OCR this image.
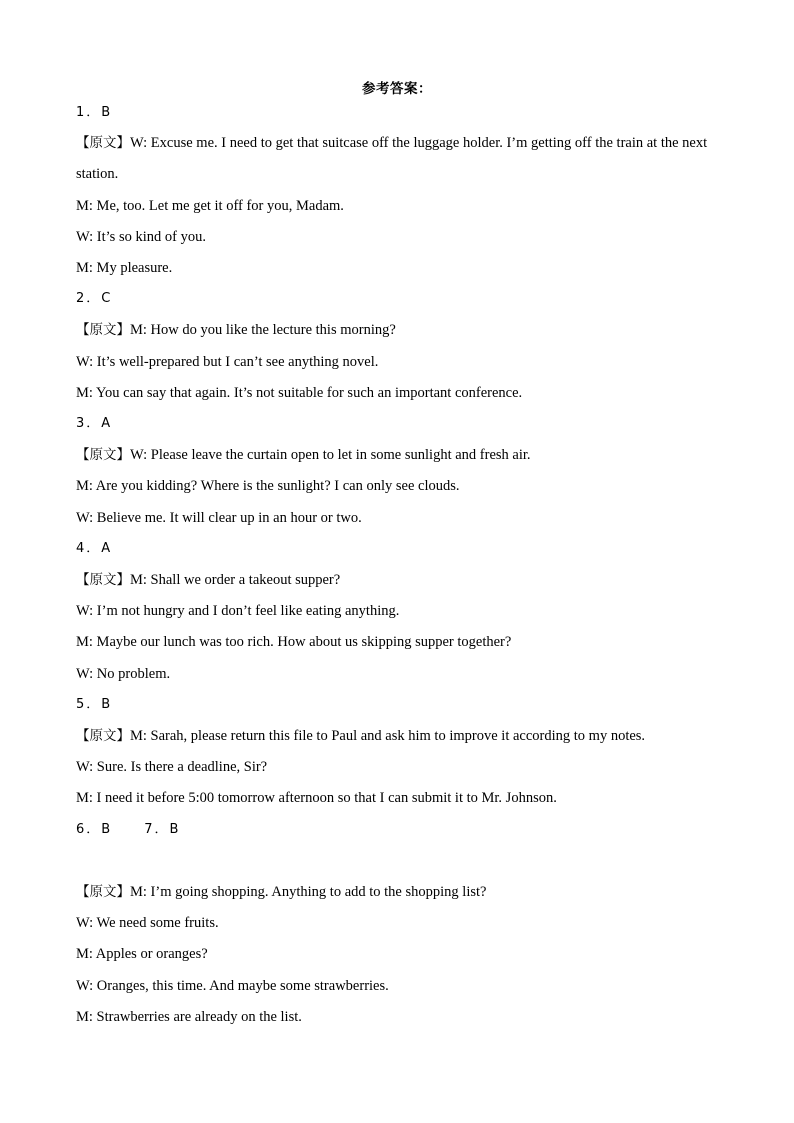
参考答案：
1．B
【原文】W: Excuse me. I need to get that suitcase off the luggage holder. I’m getting off the train at the next
station.
M: Me, too. Let me get it off for you, Madam.
W: It’s so kind of you.
M: My pleasure.
2．C
【原文】M: How do you like the lecture this morning?
W: It’s well-prepared but I can’t see anything novel.
M: You can say that again. It’s not suitable for such an important conference.
3．A
【原文】W: Please leave the curtain open to let in some sunlight and fresh air.
M: Are you kidding? Where is the sunlight? I can only see clouds.
W: Believe me. It will clear up in an hour or two.
4．A
【原文】M: Shall we order a takeout supper?
W: I’m not hungry and I don’t feel like eating anything.
M: Maybe our lunch was too rich. How about us skipping supper together?
W: No problem.
5．B
【原文】M: Sarah, please return this file to Paul and ask him to improve it according to my notes.
W: Sure. Is there a deadline, Sir?
M: I need it before 5:00 tomorrow afternoon so that I can submit it to Mr. Johnson.
6．B 7．B
【原文】M: I’m going shopping. Anything to add to the shopping list?
W: We need some fruits.
M: Apples or oranges?
W: Oranges, this time. And maybe some strawberries.
M: Strawberries are already on the list.
